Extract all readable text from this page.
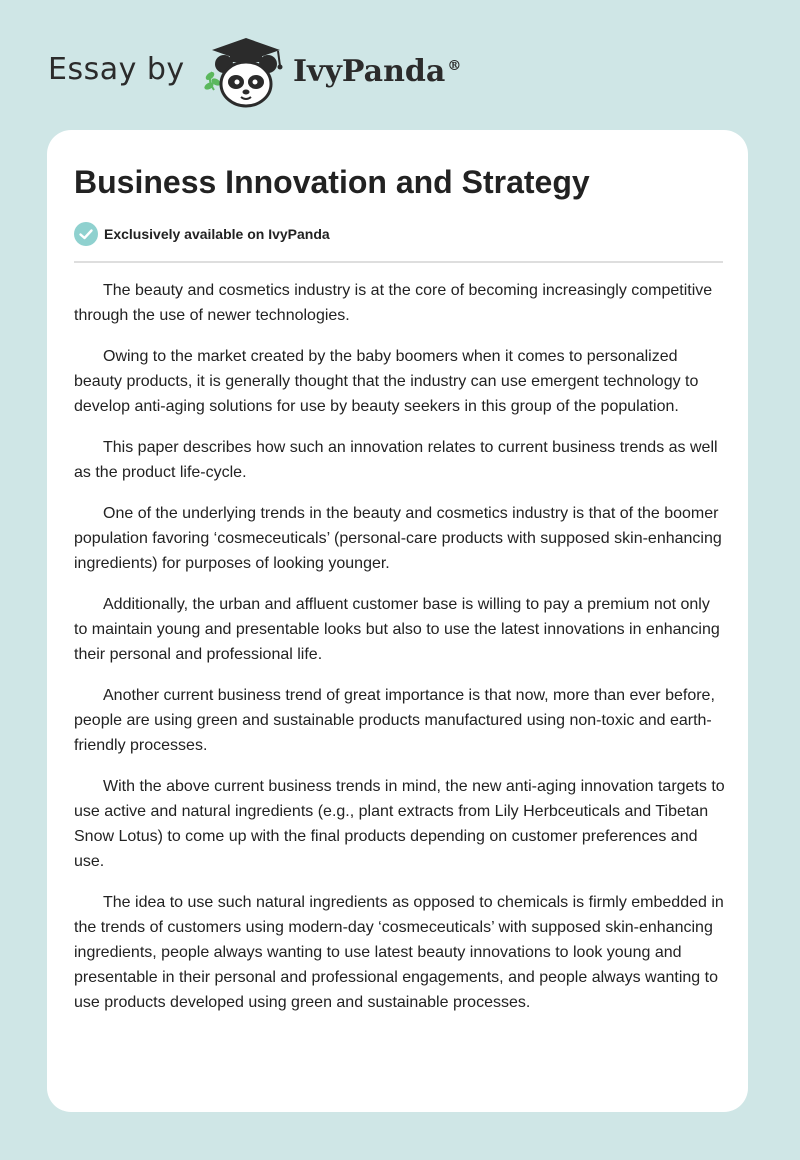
Essay by	IvyPanda ®
Business Innovation and Strategy
Exclusively available on IvyPanda

The beauty and cosmetics industry is at the core of becoming increasingly competitive through the use of newer technologies.

Owing to the market created by the baby boomers when it comes to personalized beauty products, it is generally thought that the industry can use emergent technology to develop anti-aging solutions for use by beauty seekers in this group of the population.

This paper describes how such an innovation relates to current business trends as well as the product life-cycle.

One of the underlying trends in the beauty and cosmetics industry is that of the boomer population favoring ‘cosmeceuticals’ (personal-care products with supposed skin-enhancing ingredients) for purposes of looking younger.

Additionally, the urban and affluent customer base is willing to pay a premium not only to maintain young and presentable looks but also to use the latest innovations in enhancing their personal and professional life.

Another current business trend of great importance is that now, more than ever before, people are using green and sustainable products manufactured using non-toxic and earth-friendly processes.

With the above current business trends in mind, the new anti-aging innovation targets to use active and natural ingredients (e.g., plant extracts from Lily Herbceuticals and Tibetan Snow Lotus) to come up with the final products depending on customer preferences and use.

The idea to use such natural ingredients as opposed to chemicals is firmly embedded in the trends of customers using modern-day ‘cosmeceuticals’ with supposed skin-enhancing ingredients, people always wanting to use latest beauty innovations to look young and presentable in their personal and professional engagements, and people always wanting to use products developed using green and sustainable processes.
